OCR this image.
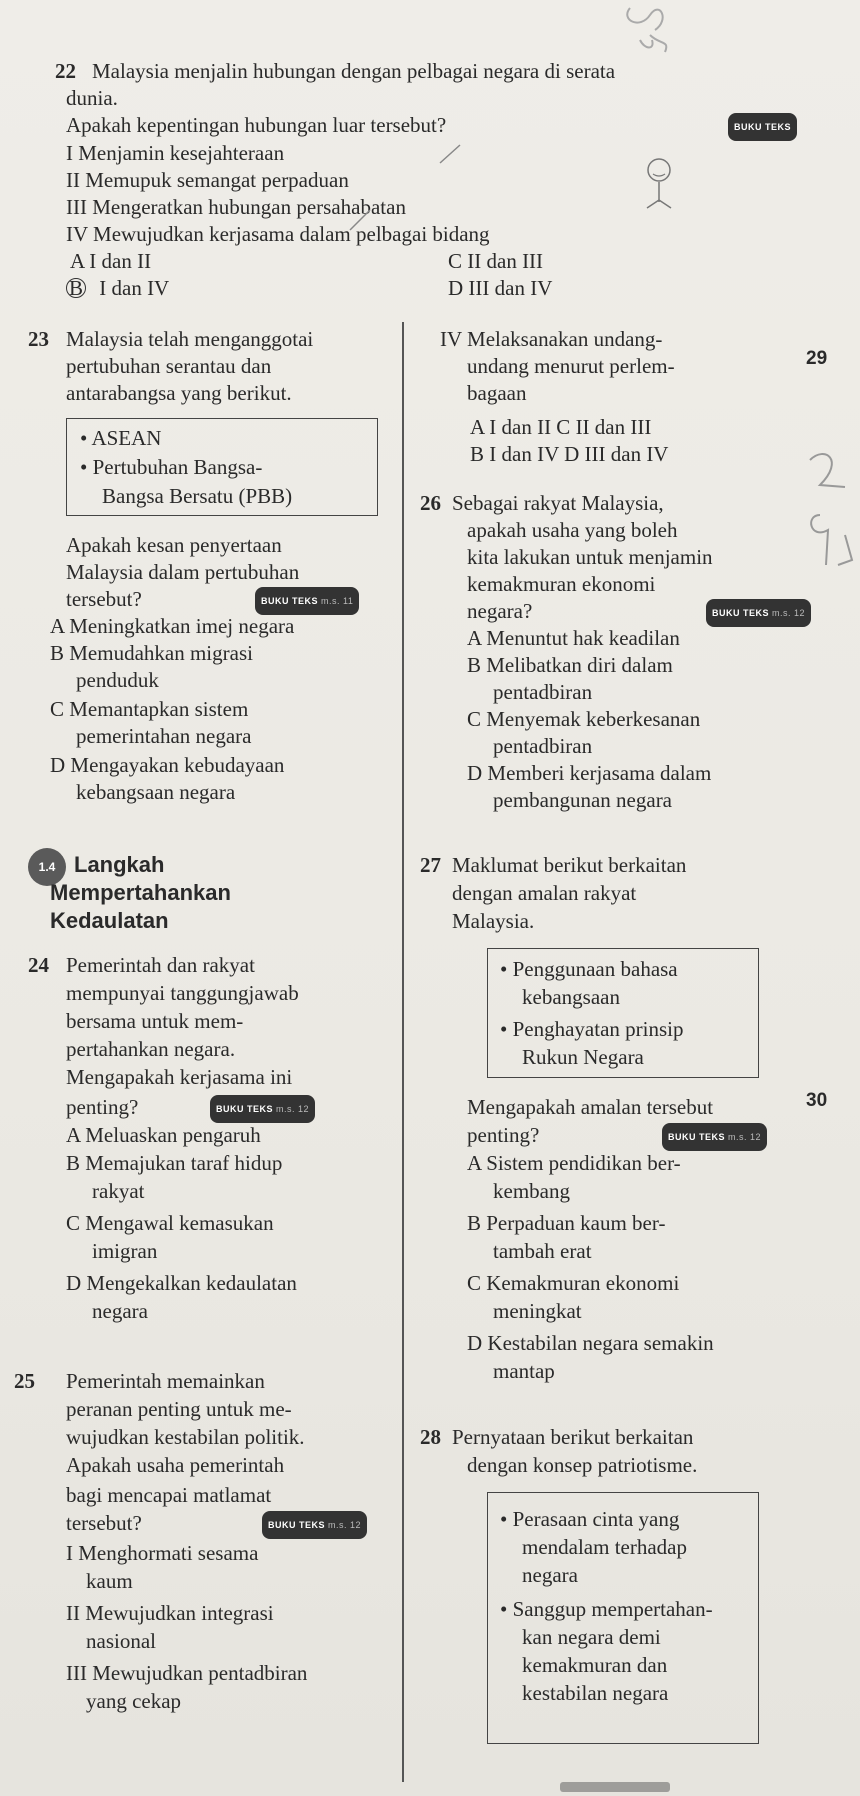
22 Malaysia menjalin hubungan dengan pelbagai negara di serata
dunia.
Apakah kepentingan hubungan luar tersebut?	BUKU TEKS
I Menjamin kesejahteraan
II Memupuk semangat perpaduan
III Mengeratkan hubungan persahabatan
IV Mewujudkan kerjasama dalam pelbagai bidang
A I dan II
B I dan IV
C II dan III
D III dan IV
23 Malaysia telah menganggotai
pertubuhan serantau dan
antarabangsa yang berikut.
• ASEAN
• Pertubuhan Bangsa-
Bangsa Bersatu (PBB)
Apakah kesan penyertaan
Malaysia dalam pertubuhan
tersebut?	BUKU TEKS m.s. 11
A Meningkatkan imej negara
B Memudahkan migrasi
penduduk
C Memantapkan sistem
pemerintahan negara
D Mengayakan kebudayaan
kebangsaan negara
IV Melaksanakan undang-
undang menurut perlem-
bagaan
A I dan II C II dan III
B I dan IV D III dan IV
29
26 Sebagai rakyat Malaysia,
apakah usaha yang boleh
kita lakukan untuk menjamin
kemakmuran ekonomi
negara?	BUKU TEKS m.s. 12
A Menuntut hak keadilan
B Melibatkan diri dalam
pentadbiran
C Menyemak keberkesanan
pentadbiran
D Memberi kerjasama dalam
pembangunan negara
1.4 Langkah
Mempertahankan
Kedaulatan
27 Maklumat berikut berkaitan
dengan amalan rakyat
Malaysia.
• Penggunaan bahasa
kebangsaan
• Penghayatan prinsip
Rukun Negara
Mengapakah amalan tersebut
penting?	BUKU TEKS m.s. 12
A Sistem pendidikan ber-
kembang
B Perpaduan kaum ber-
tambah erat
C Kemakmuran ekonomi
meningkat
D Kestabilan negara semakin
mantap
30
24 Pemerintah dan rakyat
mempunyai tanggungjawab
bersama untuk mem-
pertahankan negara.
Mengapakah kerjasama ini
penting?	BUKU TEKS m.s. 12
A Meluaskan pengaruh
B Memajukan taraf hidup
rakyat
C Mengawal kemasukan
imigran
D Mengekalkan kedaulatan
negara
25 Pemerintah memainkan
peranan penting untuk me-
wujudkan kestabilan politik.
Apakah usaha pemerintah
bagi mencapai matlamat
tersebut?	BUKU TEKS m.s. 12
I Menghormati sesama
kaum
II Mewujudkan integrasi
nasional
III Mewujudkan pentadbiran
yang cekap
28 Pernyataan berikut berkaitan
dengan konsep patriotisme.
• Perasaan cinta yang
mendalam terhadap
negara
• Sanggup mempertahan-
kan negara demi
kemakmuran dan
kestabilan negara
